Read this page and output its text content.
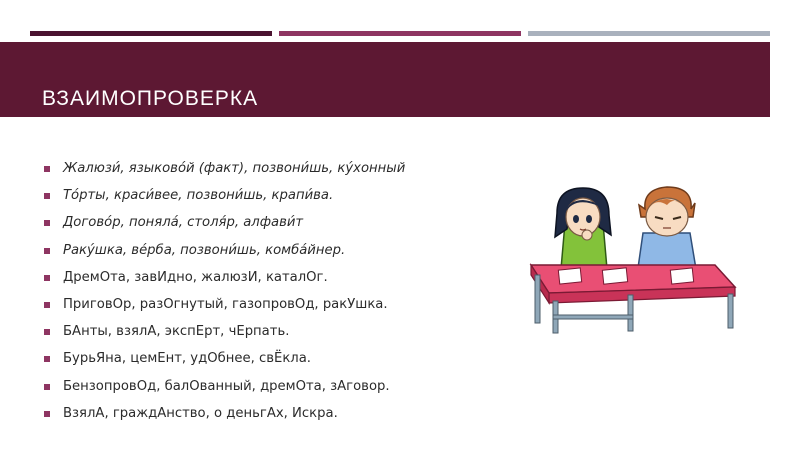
ВЗАИМОПРОВЕРКА
Жалюзи́, языково́й (факт), позвони́шь, ку́хонный
То́рты, краси́вее, позвони́шь, крапи́ва.
Догово́р, поняла́, столя́р, алфави́т
Раку́шка, ве́рба, позвони́шь, комба́йнер.
ДремОта, завИдно, жалюзИ, каталОг.
ПриговОр, разОгнутый, газопровОд, ракУшка.
БАнты, взялА, экспЕрт, чЕрпать.
БурьЯна, цемЕнт, удОбнее, свЁкла.
БензопровОд, балОванный, дремОта, зАговор.
ВзялА, граждАнство, о деньгАх, Искра.
